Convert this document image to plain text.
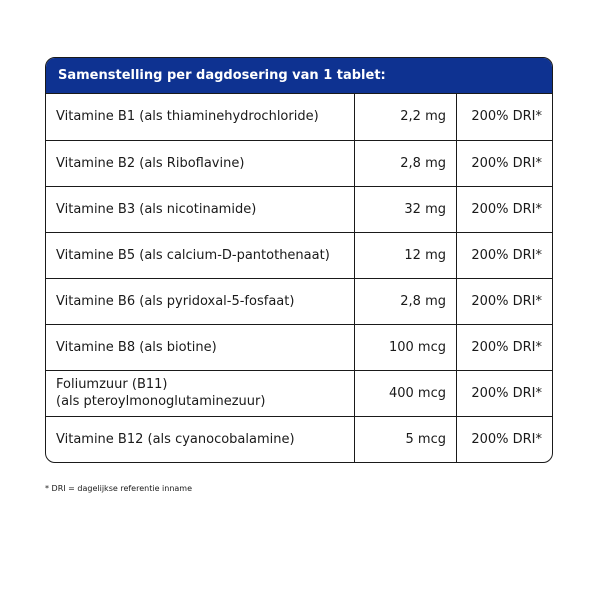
Samenstelling per dagdosering van 1 tablet:
Vitamine B1 (als thiaminehydrochloride)	2,2 mg	200% DRI*
Vitamine B2 (als Riboflavine)	2,8 mg	200% DRI*
Vitamine B3 (als nicotinamide)	32 mg	200% DRI*
Vitamine B5 (als calcium-D-pantothenaat)	12 mg	200% DRI*
Vitamine B6 (als pyridoxal-5-fosfaat)	2,8 mg	200% DRI*
Vitamine B8 (als biotine)	100 mcg	200% DRI*

Foliumzuur (B11)
(als pteroylmonoglutaminezuur)	400 mcg	200% DRI*
Vitamine B12 (als cyanocobalamine)	5 mcg	200% DRI*
* DRI = dagelijkse referentie inname
